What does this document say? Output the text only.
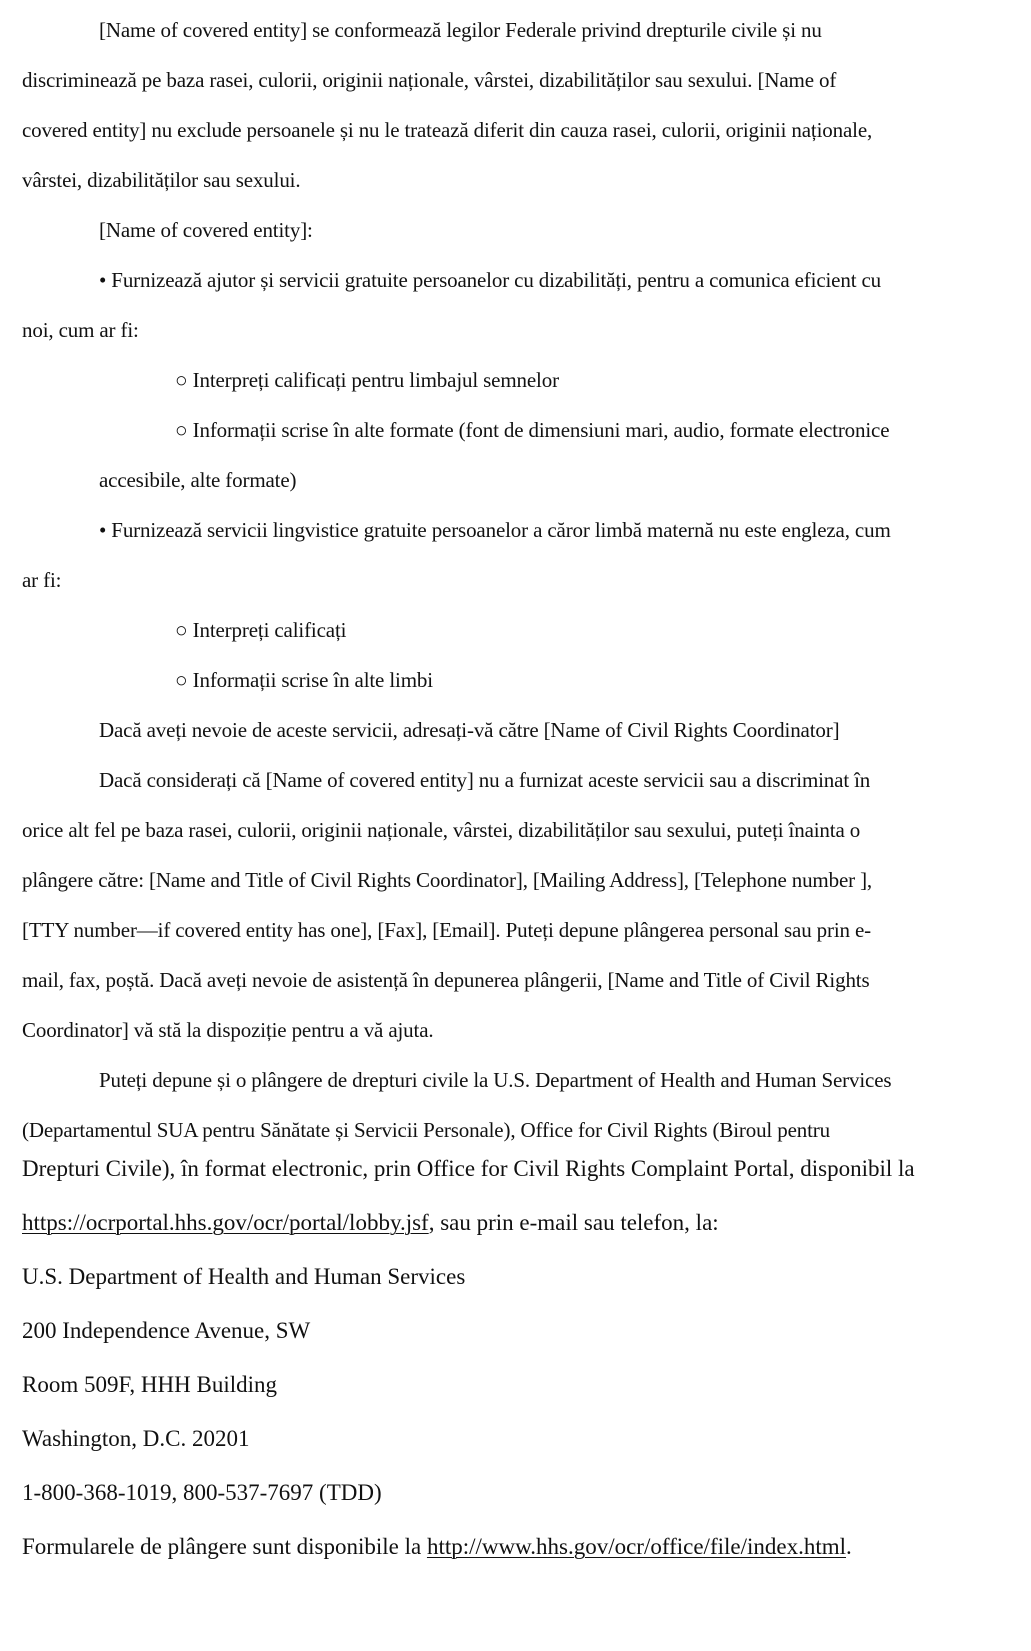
[Name of covered entity] se conformează legilor Federale privind drepturile civile și nu
discriminează pe baza rasei, culorii, originii naționale, vârstei, dizabilităților sau sexului. [Name of
covered entity] nu exclude persoanele și nu le tratează diferit din cauza rasei, culorii, originii naționale,
vârstei, dizabilităților sau sexului.
[Name of covered entity]:
• Furnizează ajutor și servicii gratuite persoanelor cu dizabilități, pentru a comunica eficient cu
noi, cum ar fi:
○ Interpreți calificați pentru limbajul semnelor
○ Informații scrise în alte formate (font de dimensiuni mari, audio, formate electronice
accesibile, alte formate)
• Furnizează servicii lingvistice gratuite persoanelor a căror limbă maternă nu este engleza, cum
ar fi:
○ Interpreți calificați
○ Informații scrise în alte limbi
Dacă aveți nevoie de aceste servicii, adresați-vă către [Name of Civil Rights Coordinator]
Dacă considerați că [Name of covered entity] nu a furnizat aceste servicii sau a discriminat în
orice alt fel pe baza rasei, culorii, originii naționale, vârstei, dizabilităților sau sexului, puteți înainta o
plângere către: [Name and Title of Civil Rights Coordinator], [Mailing Address], [Telephone number ],
[TTY number—if covered entity has one], [Fax], [Email]. Puteți depune plângerea personal sau prin e-
mail, fax, poștă. Dacă aveți nevoie de asistență în depunerea plângerii, [Name and Title of Civil Rights
Coordinator] vă stă la dispoziție pentru a vă ajuta.
Puteți depune și o plângere de drepturi civile la U.S. Department of Health and Human Services
(Departamentul SUA pentru Sănătate și Servicii Personale), Office for Civil Rights (Biroul pentru
Drepturi Civile), în format electronic, prin Office for Civil Rights Complaint Portal, disponibil la
https://ocrportal.hhs.gov/ocr/portal/lobby.jsf, sau prin e-mail sau telefon, la:
U.S. Department of Health and Human Services
200 Independence Avenue, SW
Room 509F, HHH Building
Washington, D.C. 20201
1-800-368-1019, 800-537-7697 (TDD)
Formularele de plângere sunt disponibile la http://www.hhs.gov/ocr/office/file/index.html.
